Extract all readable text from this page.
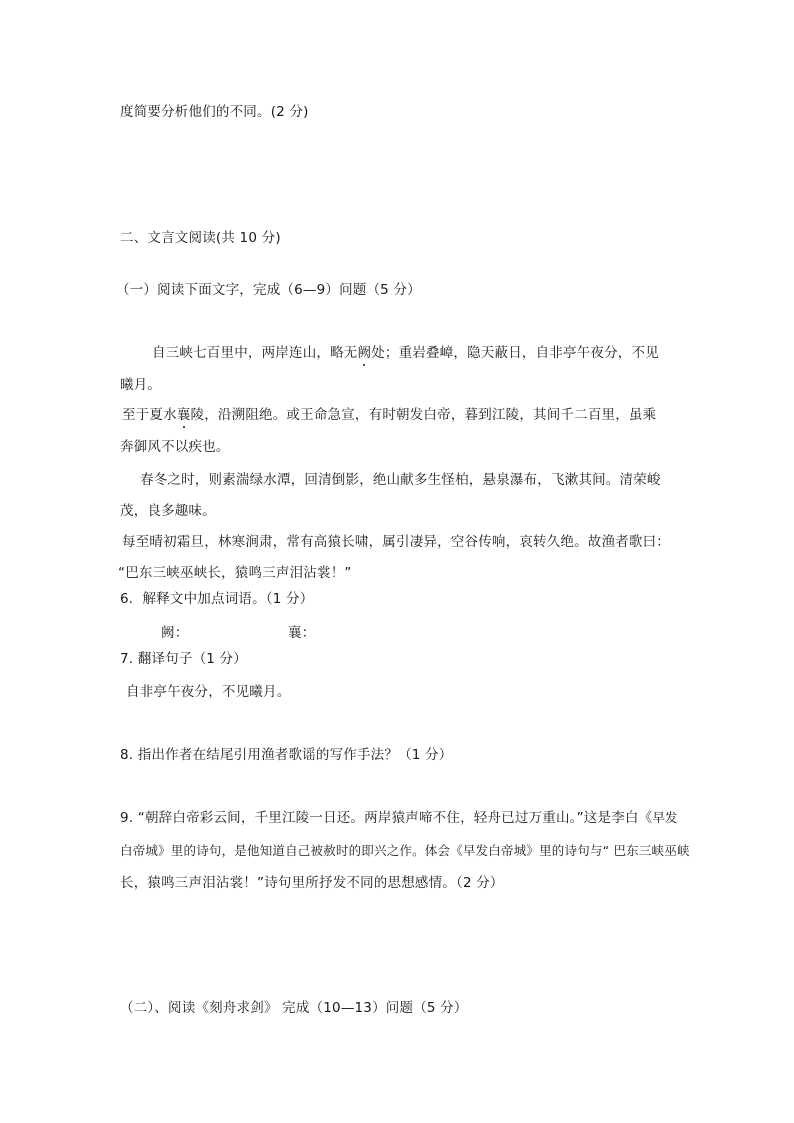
度简要分析他们的不同。(2 分)
二、文言文阅读(共 10 分)
（一）阅读下面文字，完成（6—9）问题（5 分）
自三峡七百里中，两岸连山，略无阙处；重岩叠嶂，隐天蔽日，自非亭午夜分，不见
曦月。
至于夏水襄陵，沿溯阻绝。或王命急宣，有时朝发白帝，暮到江陵，其间千二百里，虽乘
奔御风不以疾也。
春冬之时，则素湍绿水潭，回清倒影，绝山献多生怪柏，悬泉瀑布，飞漱其间。清荣峻
茂，良多趣味。
每至晴初霜旦，林寒涧肃，常有高猿长啸，属引凄异，空谷传响，哀转久绝。故渔者歌曰：
“巴东三峡巫峡长，猿鸣三声泪沾裳！”
6．解释文中加点词语。（1 分）
阙：	襄：
7. 翻译句子（1 分）
自非亭午夜分，不见曦月。
8. 指出作者在结尾引用渔者歌谣的写作手法？（1 分）
9. “朝辞白帝彩云间，千里江陵一日还。两岸猿声啼不住，轻舟已过万重山。”这是李白《早发
白帝城》里的诗句，是他知道自己被赦时的即兴之作。体会《早发白帝城》里的诗句与“ 巴东三峡巫峡
长，猿鸣三声泪沾裳！”诗句里所抒发不同的思想感情。（2 分）
（二）、阅读《刻舟求剑》 完成（10—13）问题（5 分）
